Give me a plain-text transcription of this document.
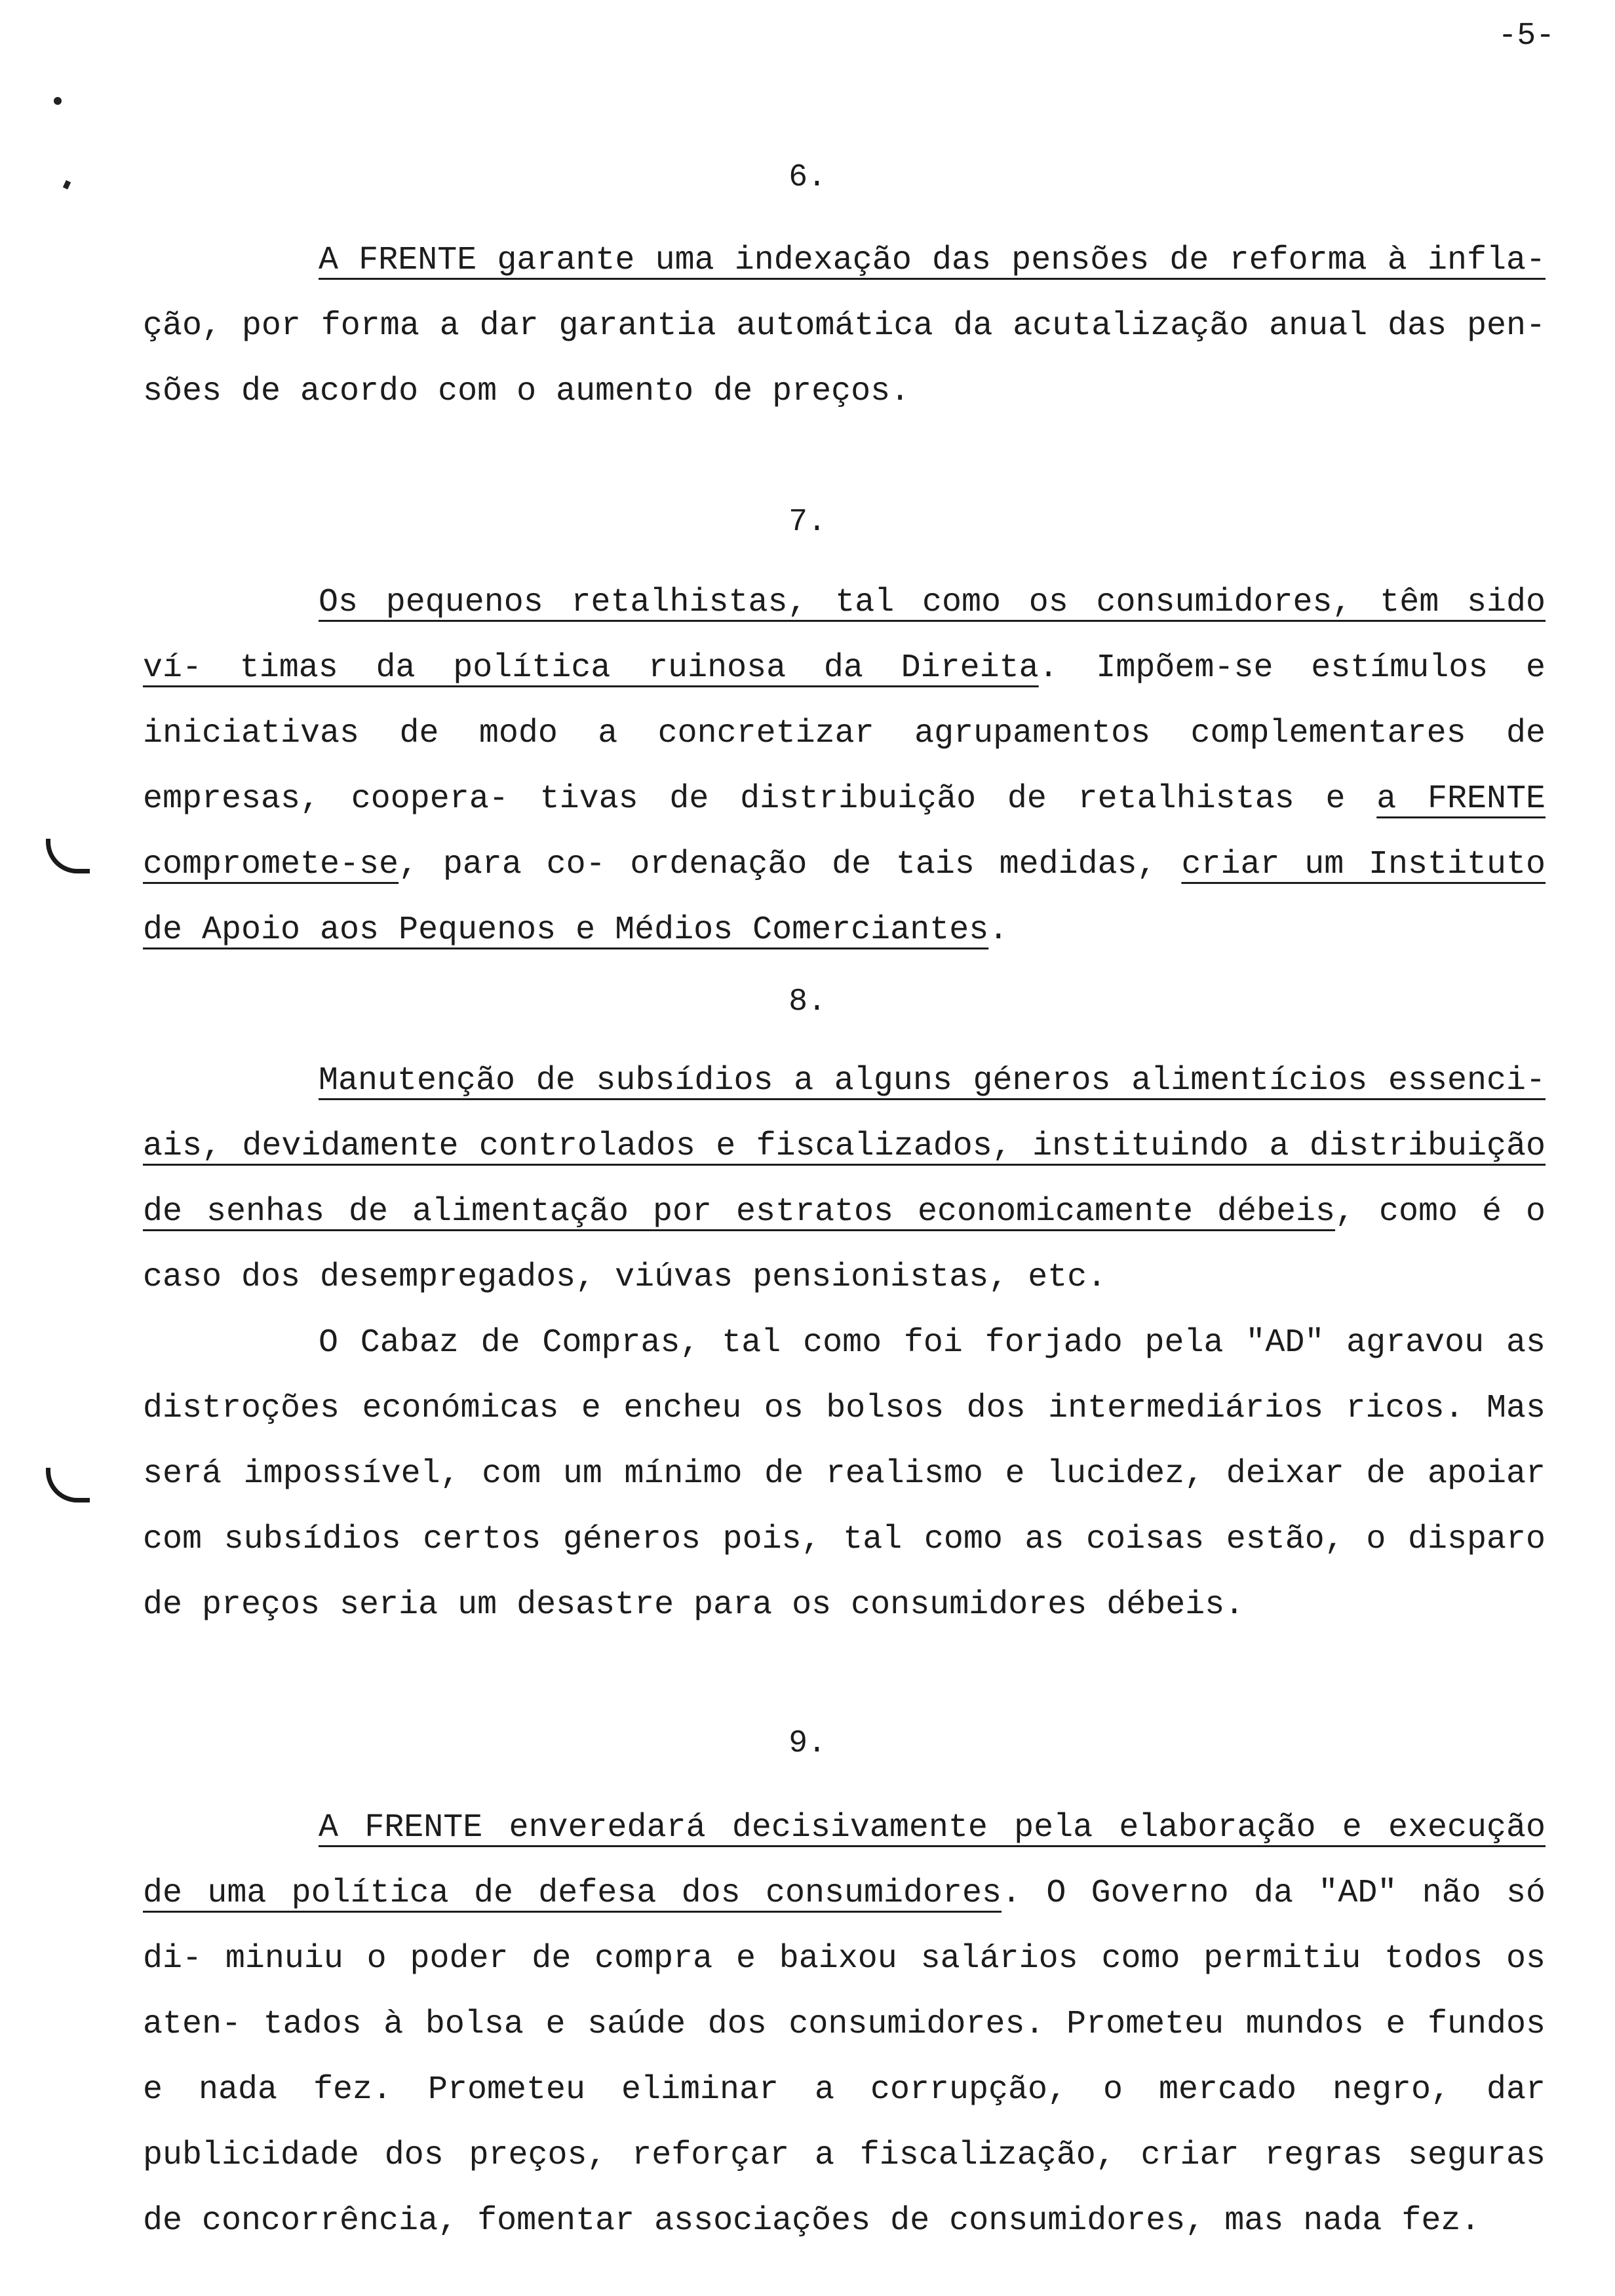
-5-
6.

A FRENTE garante uma indexação das pensões de reforma à infla- ção, por forma a dar garantia automática da acutalização anual das pen- sões de acordo com o aumento de preços.

7.

Os pequenos retalhistas, tal como os consumidores, têm sido ví- timas da política ruinosa da Direita. Impõem-se estímulos e iniciativas de modo a concretizar agrupamentos complementares de empresas, coopera- tivas de distribuição de retalhistas e a FRENTE compromete-se, para co- ordenação de tais medidas, criar um Instituto de Apoio aos Pequenos e Médios Comerciantes.

8.

Manutenção de subsídios a alguns géneros alimentícios essenci- ais, devidamente controlados e fiscalizados, instituindo a distribuição de senhas de alimentação por estratos economicamente débeis, como é o caso dos desempregados, viúvas pensionistas, etc.

O Cabaz de Compras, tal como foi forjado pela "AD" agravou as distroções económicas e encheu os bolsos dos intermediários ricos. Mas será impossível, com um mínimo de realismo e lucidez, deixar de apoiar com subsídios certos géneros pois, tal como as coisas estão, o disparo de preços seria um desastre para os consumidores débeis.

9.

A FRENTE enveredará decisivamente pela elaboração e execução de uma política de defesa dos consumidores. O Governo da "AD" não só di- minuiu o poder de compra e baixou salários como permitiu todos os aten- tados à bolsa e saúde dos consumidores. Prometeu mundos e fundos e nada fez. Prometeu eliminar a corrupção, o mercado negro, dar publicidade dos preços, reforçar a fiscalização, criar regras seguras de concorrência, fomentar associações de consumidores, mas nada fez.
